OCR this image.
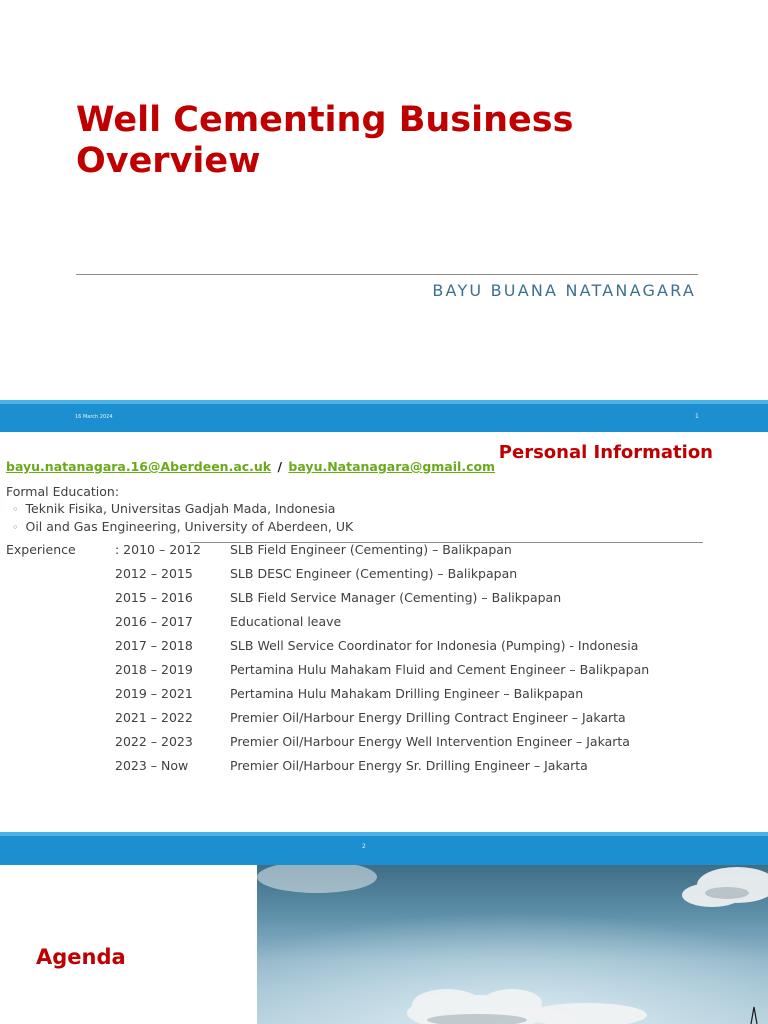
Well Cementing Business
Overview
BAYU BUANA NATANAGARA
16 March 2024	1
Personal Information
bayu.natanagara.16@Aberdeen.ac.uk / bayu.Natanagara@gmail.com
Formal Education:
◦ Teknik Fisika, Universitas Gadjah Mada, Indonesia
◦ Oil and Gas Engineering, University of Aberdeen, UK
Experience	: 2010 – 2012	SLB Field Engineer (Cementing) – Balikpapan
2012 – 2015	SLB DESC Engineer (Cementing) – Balikpapan
2015 – 2016	SLB Field Service Manager (Cementing) – Balikpapan
2016 – 2017	Educational leave
2017 – 2018	SLB Well Service Coordinator for Indonesia (Pumping) - Indonesia
2018 – 2019	Pertamina Hulu Mahakam Fluid and Cement Engineer – Balikpapan
2019 – 2021	Pertamina Hulu Mahakam Drilling Engineer – Balikpapan
2021 – 2022	Premier Oil/Harbour Energy Drilling Contract Engineer – Jakarta
2022 – 2023	Premier Oil/Harbour Energy Well Intervention Engineer – Jakarta
2023 – Now	Premier Oil/Harbour Energy Sr. Drilling Engineer – Jakarta
2
Agenda
